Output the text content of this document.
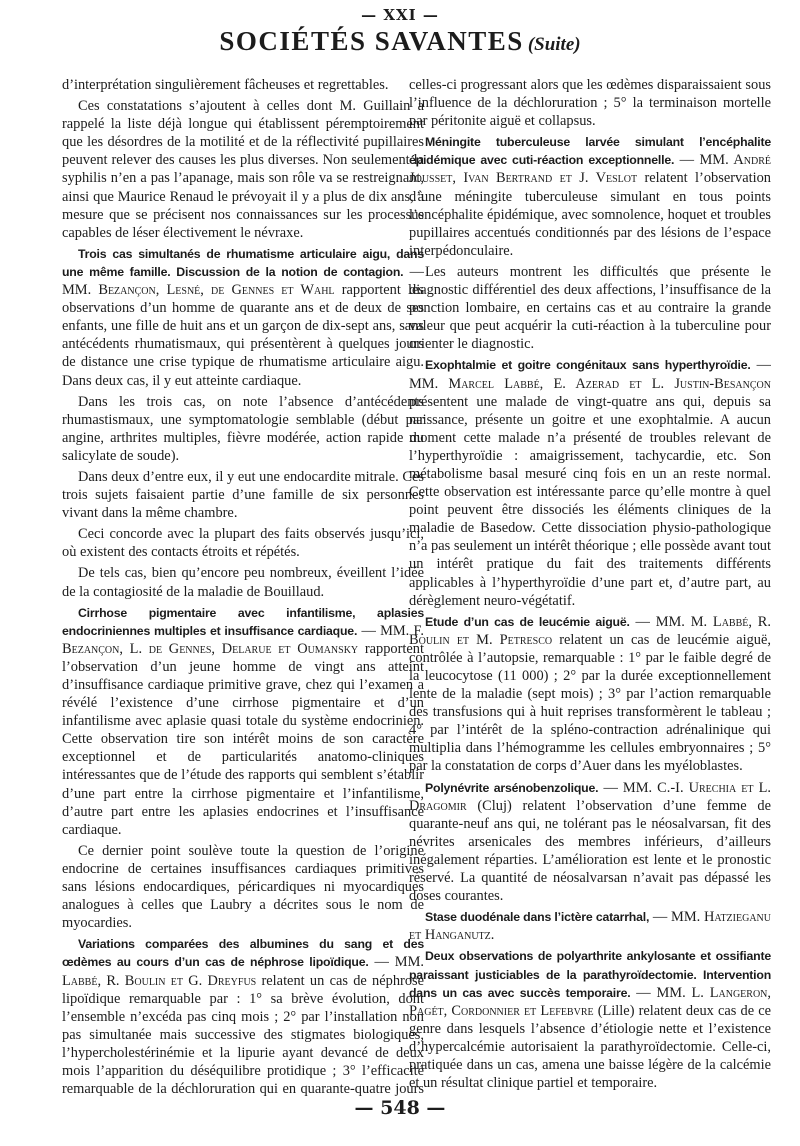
— XXI —
SOCIÉTÉS SAVANTES (Suite)

d’interprétation singulièrement fâcheuses et regrettables.

Ces constatations s’ajoutent à celles dont M. Guillain a rappelé la liste déjà longue qui établissent péremptoirement que les désordres de la motilité et de la réflectivité pupillaires peuvent relever des causes les plus diverses. Non seulement la syphilis n’en a pas l’apanage, mais son rôle va se restreignant, ainsi que Maurice Renaud le prévoyait il y a plus de dix ans, à mesure que se précisent nos connaissances sur les processus capables de léser électivement le névraxe.

Trois cas simultanés de rhumatisme articulaire aigu, dans une même famille. Discussion de la notion de contagion. — MM. Bezançon, Lesné, de Gennes et Wahl rapportent les observations d’un homme de quarante ans et de deux de ses enfants, une fille de huit ans et un garçon de dix-sept ans, sans antécédents rhumatismaux, qui présentèrent à quelques jours de distance une crise typique de rhumatisme articulaire aigu. Dans deux cas, il y eut atteinte cardiaque.

Dans les trois cas, on note l’absence d’antécédents rhumastismaux, une symptomatologie semblable (début par angine, arthrites multiples, fièvre modérée, action rapide du salicylate de soude).

Dans deux d’entre eux, il y eut une endocardite mitrale. Ces trois sujets faisaient partie d’une famille de six personnes vivant dans la même chambre.

Ceci concorde avec la plupart des faits observés jusqu’ici, où existent des contacts étroits et répétés.

De tels cas, bien qu’encore peu nombreux, éveillent l’idée de la contagiosité de la maladie de Bouillaud.

Cirrhose pigmentaire avec infantilisme, aplasies endocriniennes multiples et insuffisance cardiaque. — MM. F. Bezançon, L. de Gennes, Delarue et Oumansky rapportent l’observation d’un jeune homme de vingt ans atteint d’insuffisance cardiaque primitive grave, chez qui l’examen a révélé l’existence d’une cirrhose pigmentaire et d’un infantilisme avec aplasie quasi totale du système endocrinien. Cette observation tire son intérêt moins de son caractère exceptionnel et de particularités anatomo-cliniques intéressantes que de l’étude des rapports qui semblent s’établir d’une part entre la cirrhose pigmentaire et l’infantilisme, d’autre part entre les aplasies endocrines et l’insuffisance cardiaque.

Ce dernier point soulève toute la question de l’origine endocrine de certaines insuffisances cardiaques primitives sans lésions endocardiques, péricardiques ni myocardiques analogues à celles que Laubry a décrites sous le nom de myocardies.

Variations comparées des albumines du sang et des œdèmes au cours d’un cas de néphrose lipoïdique. — MM. Labbé, R. Boulin et G. Dreyfus relatent un cas de néphrose lipoïdique remarquable par : 1° sa brève évolution, dont l’ensemble n’excéda pas cinq mois ; 2° par l’installation non pas simultanée mais successive des stigmates biologiques, l’hypercholestérinémie et la lipurie ayant devancé de deux mois l’apparition du déséquilibre protidique ; 3° l’efficacité remarquable de la déchloruration qui en quarante-quatre jours

celles-ci progressant alors que les œdèmes disparaissaient sous l’influence de la déchloruration ; 5° la terminaison mortelle par péritonite aiguë et collapsus.

Méningite tuberculeuse larvée simulant l’encéphalite épidémique avec cuti-réaction exceptionnelle. — MM. André Jousset, Ivan Bertrand et J. Veslot relatent l’observation d’une méningite tuberculeuse simulant en tous points l’encéphalite épidémique, avec somnolence, hoquet et troubles pupillaires accentués conditionnés par des lésions de l’espace interpédonculaire.

Les auteurs montrent les difficultés que présente le diagnostic différentiel des deux affections, l’insuffisance de la ponction lombaire, en certains cas et au contraire la grande valeur que peut acquérir la cuti-réaction à la tuberculine pour orienter le diagnostic.

Exophtalmie et goitre congénitaux sans hyperthyroïdie. — MM. Marcel Labbé, E. Azerad et L. Justin-Besançon présentent une malade de vingt-quatre ans qui, depuis sa naissance, présente un goitre et une exophtalmie. A aucun moment cette malade n’a présenté de troubles relevant de l’hyperthyroïdie : amaigrissement, tachycardie, etc. Son métabolisme basal mesuré cinq fois en un an reste normal. Cette observation est intéressante parce qu’elle montre à quel point peuvent être dissociés les éléments cliniques de la maladie de Basedow. Cette dissociation physio-pathologique n’a pas seulement un intérêt théorique ; elle possède avant tout un intérêt pratique du fait des traitements différents applicables à l’hyperthyroïdie d’une part et, d’autre part, au dérèglement neuro-végétatif.

Etude d’un cas de leucémie aiguë. — MM. M. Labbé, R. Boulin et M. Petresco relatent un cas de leucémie aiguë, contrôlée à l’autopsie, remarquable : 1° par le faible degré de la leucocytose (11 000) ; 2° par la durée exceptionnellement lente de la maladie (sept mois) ; 3° par l’action remarquable des transfusions qui à huit reprises transformèrent le tableau ; 4° par l’intérêt de la spléno-contraction adrénalinique qui multiplia dans l’hémogramme les cellules embryonnaires ; 5° par la constatation de corps d’Auer dans les myéloblastes.

Polynévrite arsénobenzolique. — MM. C.-I. Urechia et L. Dragomir (Cluj) relatent l’observation d’une femme de quarante-neuf ans qui, ne tolérant pas le néosalvarsan, fit des névrites arsenicales des membres inférieurs, d’ailleurs inégalement réparties. L’amélioration est lente et le pronostic réservé. La quantité de néosalvarsan n’avait pas dépassé les doses courantes.

Stase duodénale dans l’ictère catarrhal, — MM. Hatzieganu et Hanganutz.

Deux observations de polyarthrite ankylosante et ossifiante paraissant justiciables de la parathyroïdectomie. Intervention dans un cas avec succès temporaire. — MM. L. Langeron, Pagét, Cordonnier et Lefebvre (Lille) relatent deux cas de ce genre dans lesquels l’absence d’étiologie nette et l’existence d’hypercalcémie autorisaient la parathyroïdectomie. Celle-ci, pratiquée dans un cas, amena une baisse légère de la calcémie et un résultat clinique partiel et temporaire.

— 548 —
